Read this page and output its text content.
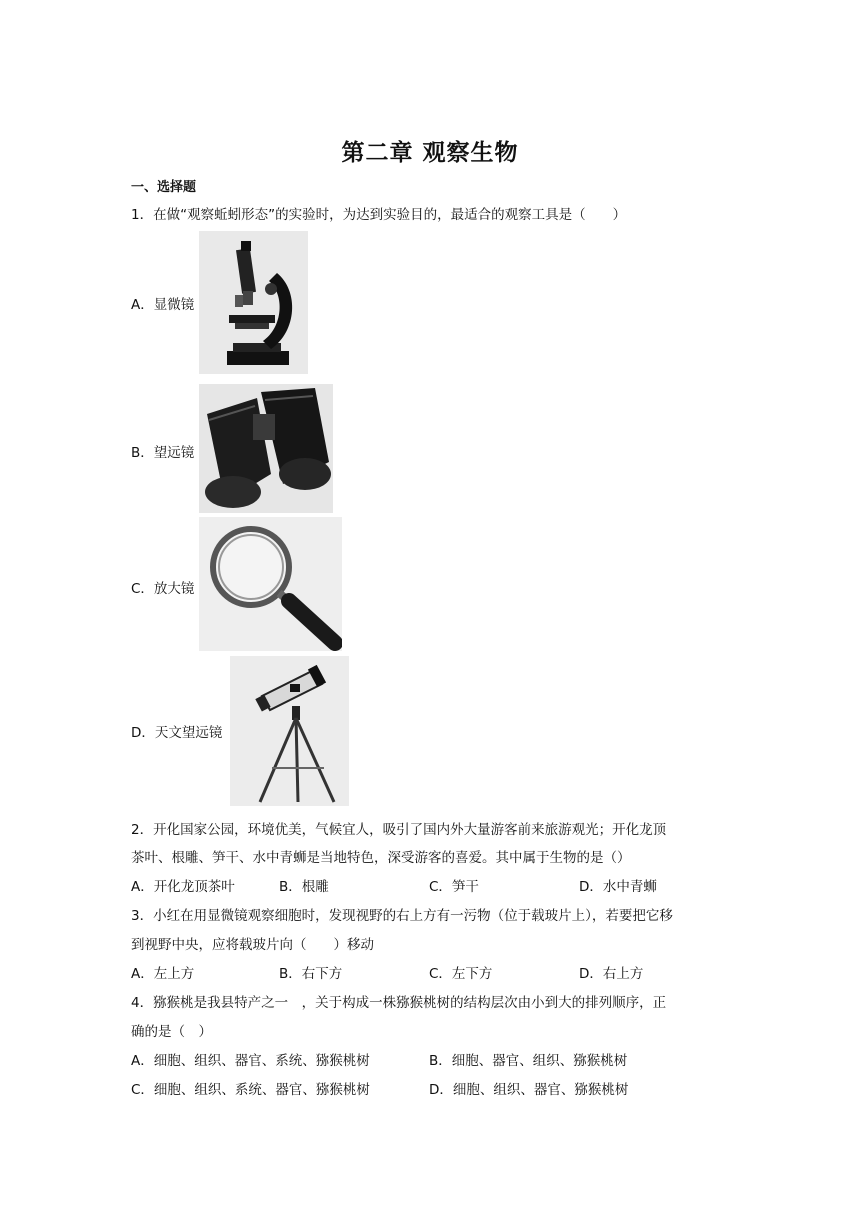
第二章 观察生物
一、选择题
1．在做“观察蚯蚓形态”的实验时，为达到实验目的，最适合的观察工具是（　　）
A．显微镜
B．望远镜
C．放大镜
D．天文望远镜
2．开化国家公园，环境优美，气候宜人，吸引了国内外大量游客前来旅游观光；开化龙顶
茶叶、根雕、笋干、水中青蛳是当地特色，深受游客的喜爱。其中属于生物的是（）
A．开化龙顶茶叶	B．根雕	C．笋干	D．水中青蛳
3．小红在用显微镜观察细胞时，发现视野的右上方有一污物（位于载玻片上），若要把它移
到视野中央，应将载玻片向（　　）移动
A．左上方	B．右下方	C．左下方	D．右上方
4．猕猴桃是我县特产之一　，关于构成一株猕猴桃树的结构层次由小到大的排列顺序，正
确的是（　）
A．细胞、组织、器官、系统、猕猴桃树	B．细胞、器官、组织、猕猴桃树
C．细胞、组织、系统、器官、猕猴桃树	D．细胞、组织、器官、猕猴桃树
